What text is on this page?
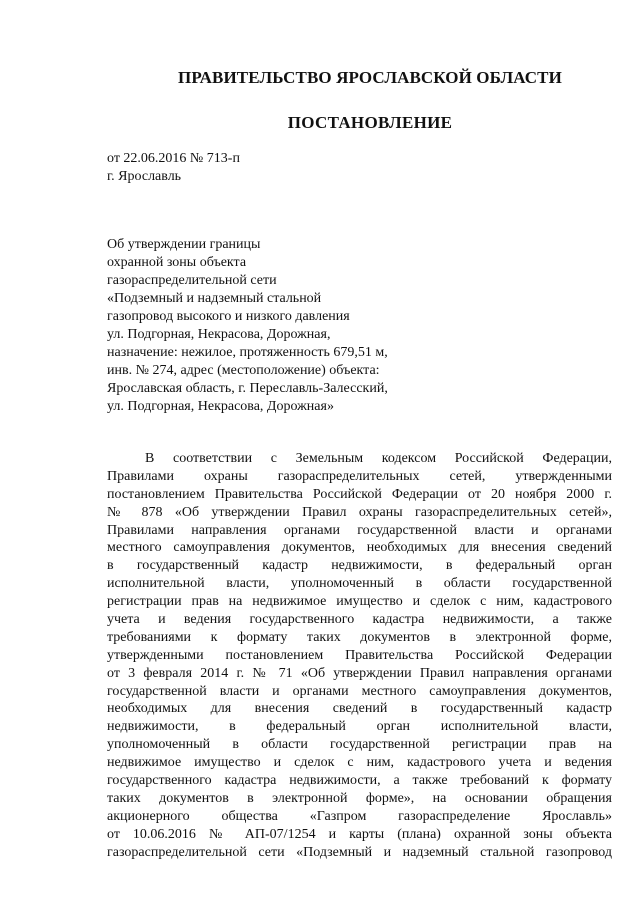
ПРАВИТЕЛЬСТВО ЯРОСЛАВСКОЙ ОБЛАСТИ
ПОСТАНОВЛЕНИЕ
от 22.06.2016 № 713-п
г. Ярославль
Об утверждении границы
охранной зоны объекта
газораспределительной сети
«Подземный и надземный стальной
газопровод высокого и низкого давления
ул. Подгорная, Некрасова, Дорожная,
назначение: нежилое, протяженность 679,51 м,
инв. № 274, адрес (местоположение) объекта:
Ярославская область, г. Переславль-Залесский,
ул. Подгорная, Некрасова, Дорожная»
В соответствии с Земельным кодексом Российской Федерации,
Правилами охраны газораспределительных сетей, утвержденными
постановлением Правительства Российской Федерации от 20 ноября 2000 г.
№ 878 «Об утверждении Правил охраны газораспределительных сетей»,
Правилами направления органами государственной власти и органами
местного самоуправления документов, необходимых для внесения сведений
в государственный кадастр недвижимости, в федеральный орган
исполнительной власти, уполномоченный в области государственной
регистрации прав на недвижимое имущество и сделок с ним, кадастрового
учета и ведения государственного кадастра недвижимости, а также
требованиями к формату таких документов в электронной форме,
утвержденными постановлением Правительства Российской Федерации
от 3 февраля 2014 г. № 71 «Об утверждении Правил направления органами
государственной власти и органами местного самоуправления документов,
необходимых для внесения сведений в государственный кадастр
недвижимости, в федеральный орган исполнительной власти,
уполномоченный в области государственной регистрации прав на
недвижимое имущество и сделок с ним, кадастрового учета и ведения
государственного кадастра недвижимости, а также требований к формату
таких документов в электронной форме», на основании обращения
акционерного общества «Газпром газораспределение Ярославль»
от 10.06.2016 № АП-07/1254 и карты (плана) охранной зоны объекта
газораспределительной сети «Подземный и надземный стальной газопровод
